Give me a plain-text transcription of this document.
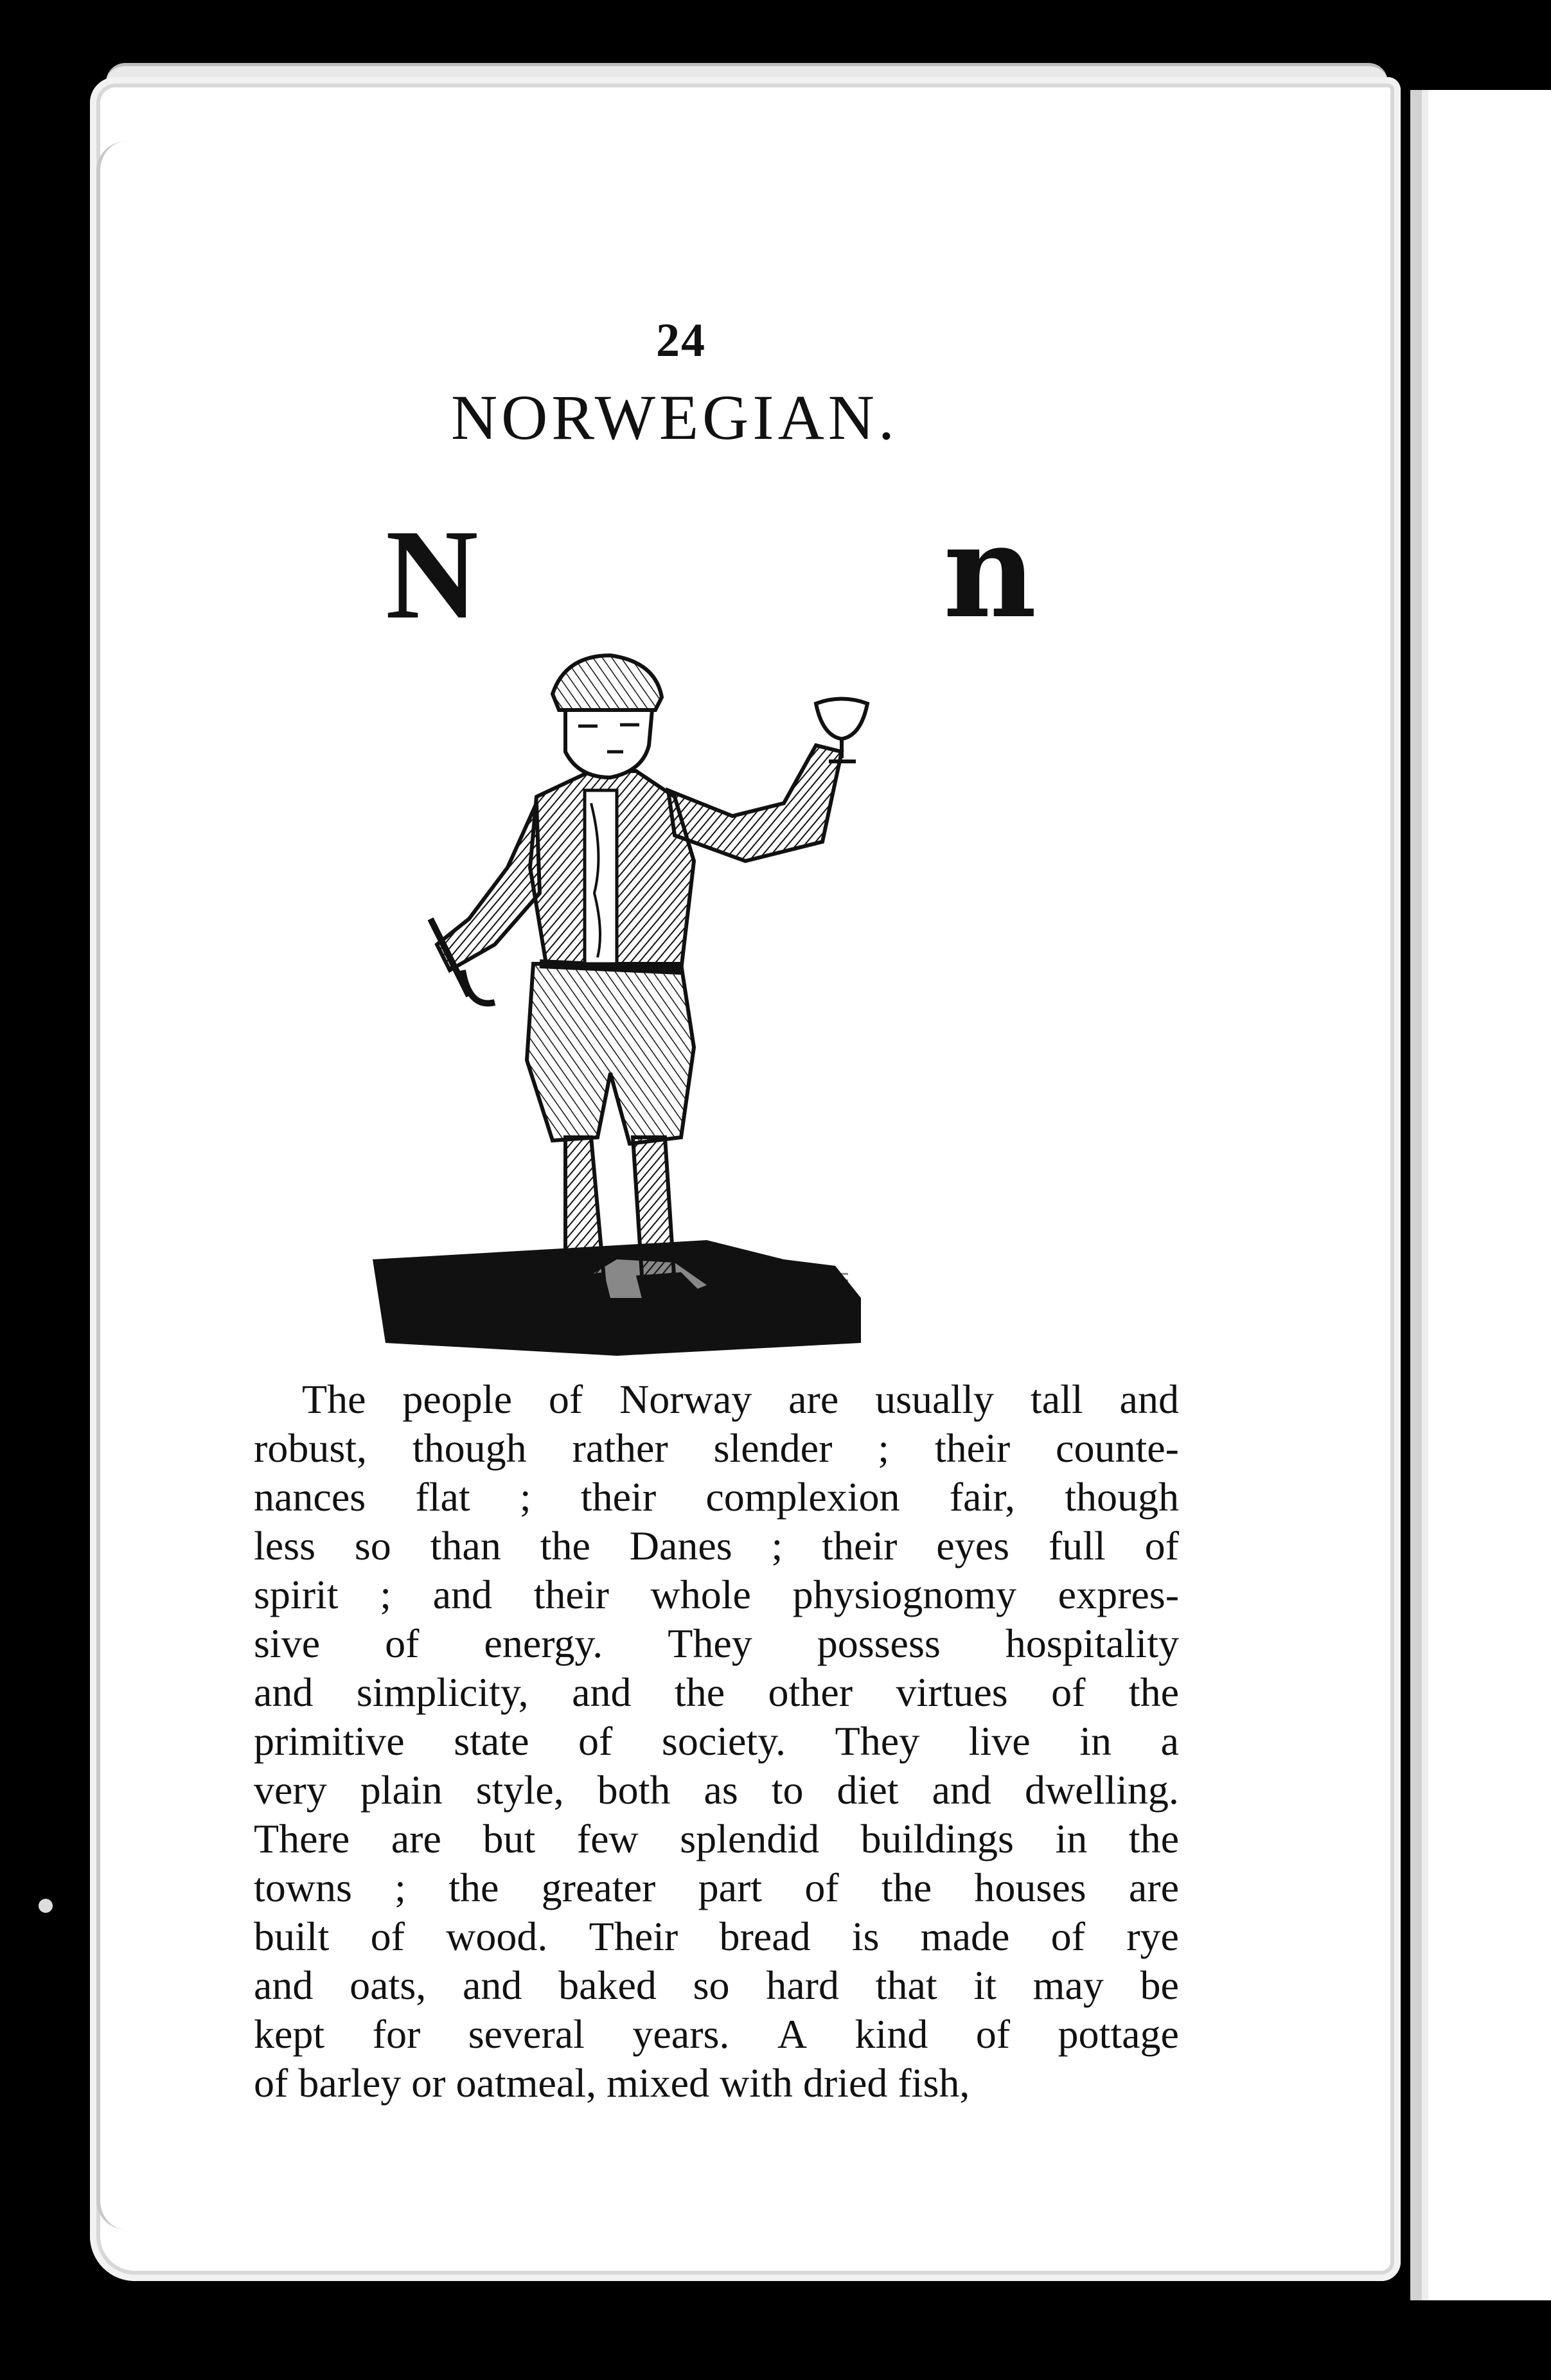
24
NORWEGIAN.
N	n
The people of Norway are usually tall and
robust, though rather slender ; their counte-
nances flat ; their complexion fair, though
less so than the Danes ; their eyes full of
spirit ; and their whole physiognomy expres-
sive of energy. They possess hospitality
and simplicity, and the other virtues of the
primitive state of society. They live in a
very plain style, both as to diet and dwelling.
There are but few splendid buildings in the
towns ; the greater part of the houses are
built of wood. Their bread is made of rye
and oats, and baked so hard that it may be
kept for several years. A kind of pottage
of barley or oatmeal, mixed with dried fish,
